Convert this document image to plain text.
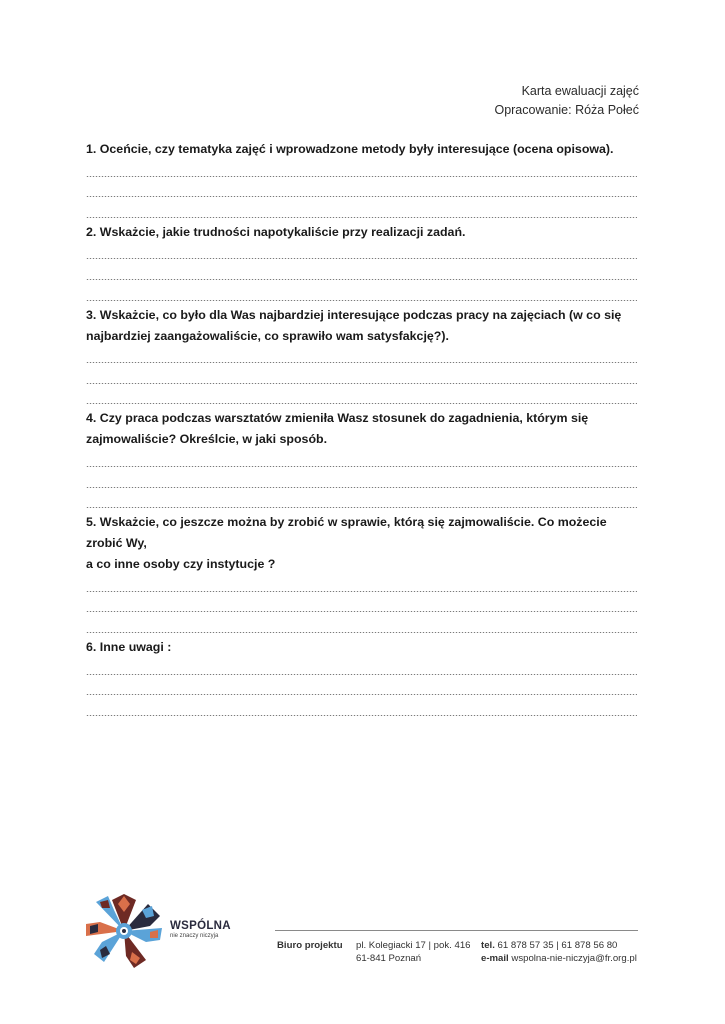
Karta ewaluacji zajęć
Opracowanie: Róża Połeć
1. Oceńcie, czy tematyka zajęć i wprowadzone metody były interesujące (ocena opisowa).
2. Wskażcie, jakie trudności napotykaliście przy realizacji zadań.
3. Wskażcie, co było dla Was najbardziej interesujące podczas pracy na zajęciach (w co się
najbardziej zaangażowaliście, co sprawiło wam satysfakcję?).
4. Czy praca podczas warsztatów zmieniła Wasz stosunek do zagadnienia, którym się
zajmowaliście? Określcie, w jaki sposób.
5. Wskażcie, co jeszcze można by zrobić w sprawie, którą się zajmowaliście. Co możecie zrobić Wy,
a co inne osoby czy instytucje ?
6. Inne uwagi :
WSPÓLNA
nie znaczy niczyja
Biuro projektu pl. Kolegiacki 17 | pok. 416
61-841 Poznań
tel. 61 878 57 35 | 61 878 56 80
e-mail wspolna-nie-niczyja@fr.org.pl
